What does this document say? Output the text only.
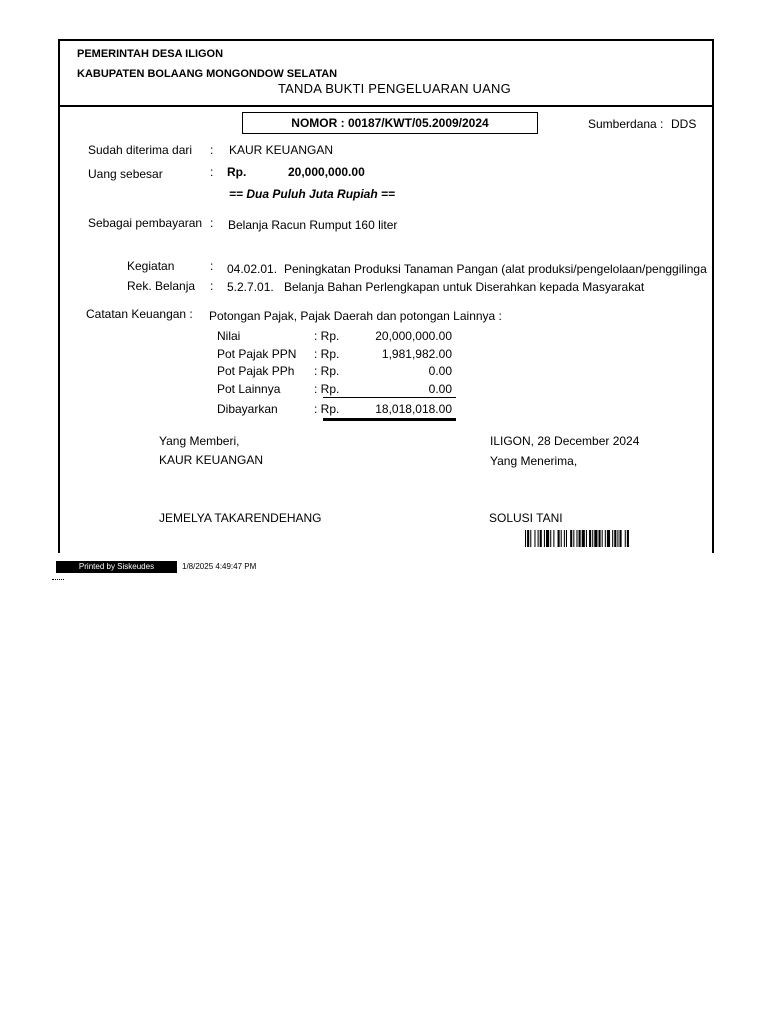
PEMERINTAH DESA ILIGON
KABUPATEN BOLAANG MONGONDOW SELATAN
TANDA BUKTI PENGELUARAN UANG
NOMOR : 00187/KWT/05.2009/2024	Sumberdana : DDS
Sudah diterima dari : KAUR KEUANGAN
Uang sebesar	: Rp.	20,000,000.00
== Dua Puluh Juta Rupiah ==
Sebagai pembayaran : Belanja Racun Rumput 160 liter
Kegiatan	: 04.02.01. Peningkatan Produksi Tanaman Pangan (alat produksi/pengelolaan/penggilinga
Rek. Belanja : 5.2.7.01. Belanja Bahan Perlengkapan untuk Diserahkan kepada Masyarakat
Catatan Keuangan : Potongan Pajak, Pajak Daerah dan potongan Lainnya :
Nilai	: Rp.	20,000,000.00
Pot Pajak PPN : Rp.	1,981,982.00
Pot Pajak PPh : Rp.	0.00
Pot Lainnya	: Rp.	0.00
Dibayarkan	: Rp.	18,018,018.00
Yang Memberi,
KAUR KEUANGAN
JEMELYA TAKARENDEHANG
ILIGON, 28 December 2024
Yang Menerima,
SOLUSI TANI
Printed by Siskeudes	1/8/2025 4:49:47 PM
